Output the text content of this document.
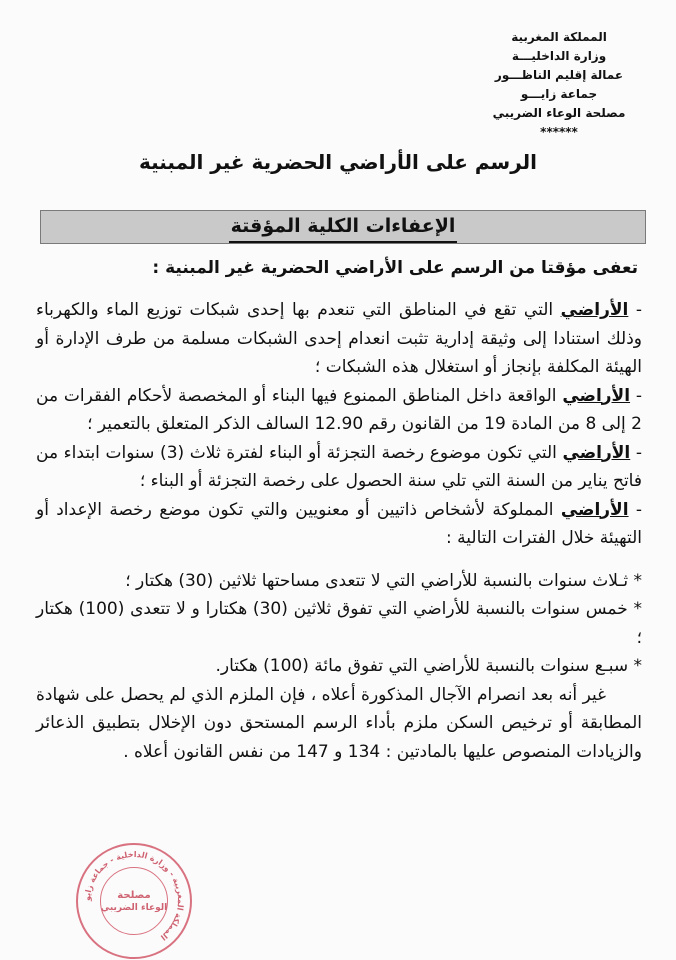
المملكة المغربية
وزارة الداخليـــة
عمالة إقليم الناظـــور
جماعة زايـــو
مصلحة الوعاء الضريبي
******
الرسم على الأراضي الحضرية غير المبنية
الإعفاءات الكلية المؤقتة
تعفى مؤقتا من الرسم على الأراضي الحضرية غير المبنية :

- الأراضي التي تقع في المناطق التي تنعدم بها إحدى شبكات توزيع الماء والكهرباء وذلك استنادا إلى وثيقة إدارية تثبت انعدام إحدى الشبكات مسلمة من طرف الإدارة أو الهيئة المكلفة بإنجاز أو استغلال هذه الشبكات ؛

- الأراضي الواقعة داخل المناطق الممنوع فيها البناء أو المخصصة لأحكام الفقرات من 2 إلى 8 من المادة 19 من القانون رقم 12.90 السالف الذكر المتعلق بالتعمير ؛

- الأراضي التي تكون موضوع رخصة التجزئة أو البناء لفترة ثلاث (3) سنوات ابتداء من فاتح يناير من السنة التي تلي سنة الحصول على رخصة التجزئة أو البناء ؛

- الأراضي المملوكة لأشخاص ذاتيين أو معنويين والتي تكون موضع رخصة الإعداد أو التهيئة خلال الفترات التالية :

* ثـلاث سنوات بالنسبة للأراضي التي لا تتعدى مساحتها ثلاثين (30) هكتار ؛

* خمس سنوات بالنسبة للأراضي التي تفوق ثلاثين (30) هكتارا و لا تتعدى (100) هكتار ؛

* سبـع سنوات بالنسبة للأراضي التي تفوق مائة (100) هكتار.

غير أنه بعد انصرام الآجال المذكورة أعلاه ، فإن الملزم الذي لم يحصل على شهادة المطابقة أو ترخيص السكن ملزم بأداء الرسم المستحق دون الإخلال بتطبيق الذعائر والزيادات المنصوص عليها بالمادتين : 134 و 147 من نفس القانون أعلاه .

المملكة المغربية - وزارة الداخلية - جماعة زايو
مصلحة
الوعاء الضريبي
